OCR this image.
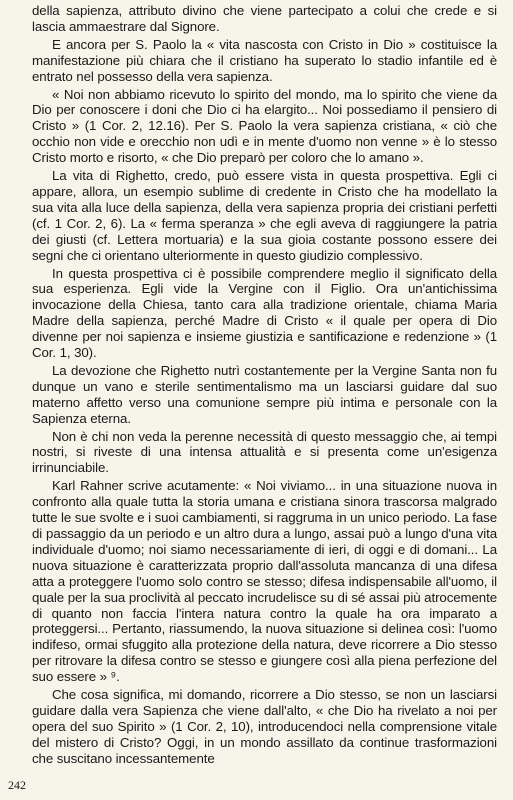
della sapienza, attributo divino che viene partecipato a colui che crede e si lascia ammaestrare dal Signore.

E ancora per S. Paolo la « vita nascosta con Cristo in Dio » costituisce la manifestazione più chiara che il cristiano ha superato lo stadio infantile ed è entrato nel possesso della vera sapienza.

« Noi non abbiamo ricevuto lo spirito del mondo, ma lo spirito che viene da Dio per conoscere i doni che Dio ci ha elargito... Noi possediamo il pensiero di Cristo » (1 Cor. 2, 12.16). Per S. Paolo la vera sapienza cristiana, « ciò che occhio non vide e orecchio non udì e in mente d'uomo non venne » è lo stesso Cristo morto e risorto, « che Dio preparò per coloro che lo amano ».

La vita di Righetto, credo, può essere vista in questa prospettiva. Egli ci appare, allora, un esempio sublime di credente in Cristo che ha modellato la sua vita alla luce della sapienza, della vera sapienza propria dei cristiani perfetti (cf. 1 Cor. 2, 6). La « ferma speranza » che egli aveva di raggiungere la patria dei giusti (cf. Lettera mortuaria) e la sua gioia costante possono essere dei segni che ci orientano ulteriormente in questo giudizio complessivo.

In questa prospettiva ci è possibile comprendere meglio il significato della sua esperienza. Egli vide la Vergine con il Figlio. Ora un'antichissima invocazione della Chiesa, tanto cara alla tradizione orientale, chiama Maria Madre della sapienza, perché Madre di Cristo « il quale per opera di Dio divenne per noi sapienza e insieme giustizia e santificazione e redenzione » (1 Cor. 1, 30).

La devozione che Righetto nutrì costantemente per la Vergine Santa non fu dunque un vano e sterile sentimentalismo ma un lasciarsi guidare dal suo materno affetto verso una comunione sempre più intima e personale con la Sapienza eterna.

Non è chi non veda la perenne necessità di questo messaggio che, ai tempi nostri, si riveste di una intensa attualità e si presenta come un'esigenza irrinunciabile.

Karl Rahner scrive acutamente: « Noi viviamo... in una situazione nuova in confronto alla quale tutta la storia umana e cristiana sinora trascorsa malgrado tutte le sue svolte e i suoi cambiamenti, si raggruma in un unico periodo. La fase di passaggio da un periodo e un altro dura a lungo, assai può a lungo d'una vita individuale d'uomo; noi siamo necessariamente di ieri, di oggi e di domani... La nuova situazione è caratterizzata proprio dall'assoluta mancanza di una difesa atta a proteggere l'uomo solo contro se stesso; difesa indispensabile all'uomo, il quale per la sua proclività al peccato incrudelisce su di sé assai più atrocemente di quanto non faccia l'intera natura contro la quale ha ora imparato a proteggersi... Pertanto, riassumendo, la nuova situazione si delinea così: l'uomo indifeso, ormai sfuggito alla protezione della natura, deve ricorrere a Dio stesso per ritrovare la difesa contro se stesso e giungere così alla piena perfezione del suo essere » ⁹.

Che cosa significa, mi domando, ricorrere a Dio stesso, se non un lasciarsi guidare dalla vera Sapienza che viene dall'alto, « che Dio ha rivelato a noi per opera del suo Spirito » (1 Cor. 2, 10), introducendoci nella comprensione vitale del mistero di Cristo? Oggi, in un mondo assillato da continue trasformazioni che suscitano incessantemente

242
